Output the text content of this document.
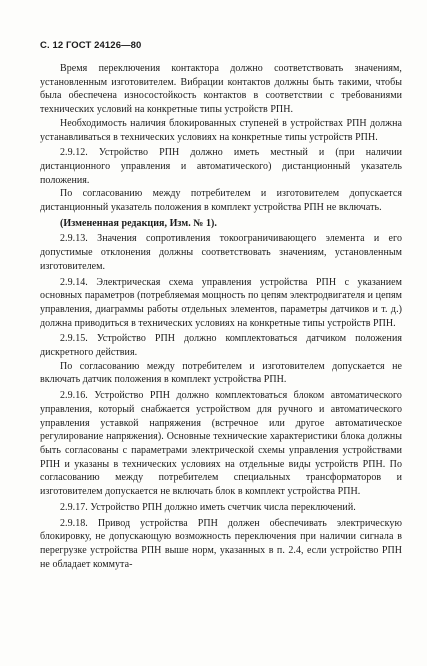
С. 12 ГОСТ 24126—80

Время переключения контактора должно соответствовать значениям, установленным изготовителем. Вибрации контактов должны быть такими, чтобы была обеспечена износостойкость контактов в соответствии с требованиями технических условий на конкретные типы устройств РПН.

Необходимость наличия блокированных ступеней в устройствах РПН должна устанавливаться в технических условиях на конкретные типы устройств РПН.

2.9.12. Устройство РПН должно иметь местный и (при наличии дистанционного управления и автоматического) дистанционный указатель положения.

По согласованию между потребителем и изготовителем допускается дистанционный указатель положения в комплект устройства РПН не включать.

(Измененная редакция, Изм. № 1).

2.9.13. Значения сопротивления токоограничивающего элемента и его допустимые отклонения должны соответствовать значениям, установленным изготовителем.

2.9.14. Электрическая схема управления устройства РПН с указанием основных параметров (потребляемая мощность по цепям электродвигателя и цепям управления, диаграммы работы отдельных элементов, параметры датчиков и т. д.) должна приводиться в технических условиях на конкретные типы устройств РПН.

2.9.15. Устройство РПН должно комплектоваться датчиком положения дискретного действия.

По согласованию между потребителем и изготовителем допускается не включать датчик положения в комплект устройства РПН.

2.9.16. Устройство РПН должно комплектоваться блоком автоматического управления, который снабжается устройством для ручного и автоматического управления уставкой напряжения (встречное или другое автоматическое регулирование напряжения). Основные технические характеристики блока должны быть согласованы с параметрами электрической схемы управления устройствами РПН и указаны в технических условиях на отдельные виды устройств РПН. По согласованию между потребителем специальных трансформаторов и изготовителем допускается не включать блок в комплект устройства РПН.

2.9.17. Устройство РПН должно иметь счетчик числа переключений.

2.9.18. Привод устройства РПН должен обеспечивать электрическую блокировку, не допускающую возможность переключения при наличии сигнала в перегрузке устройства РПН выше норм, указанных в п. 2.4, если устройство РПН не обладает коммута-
